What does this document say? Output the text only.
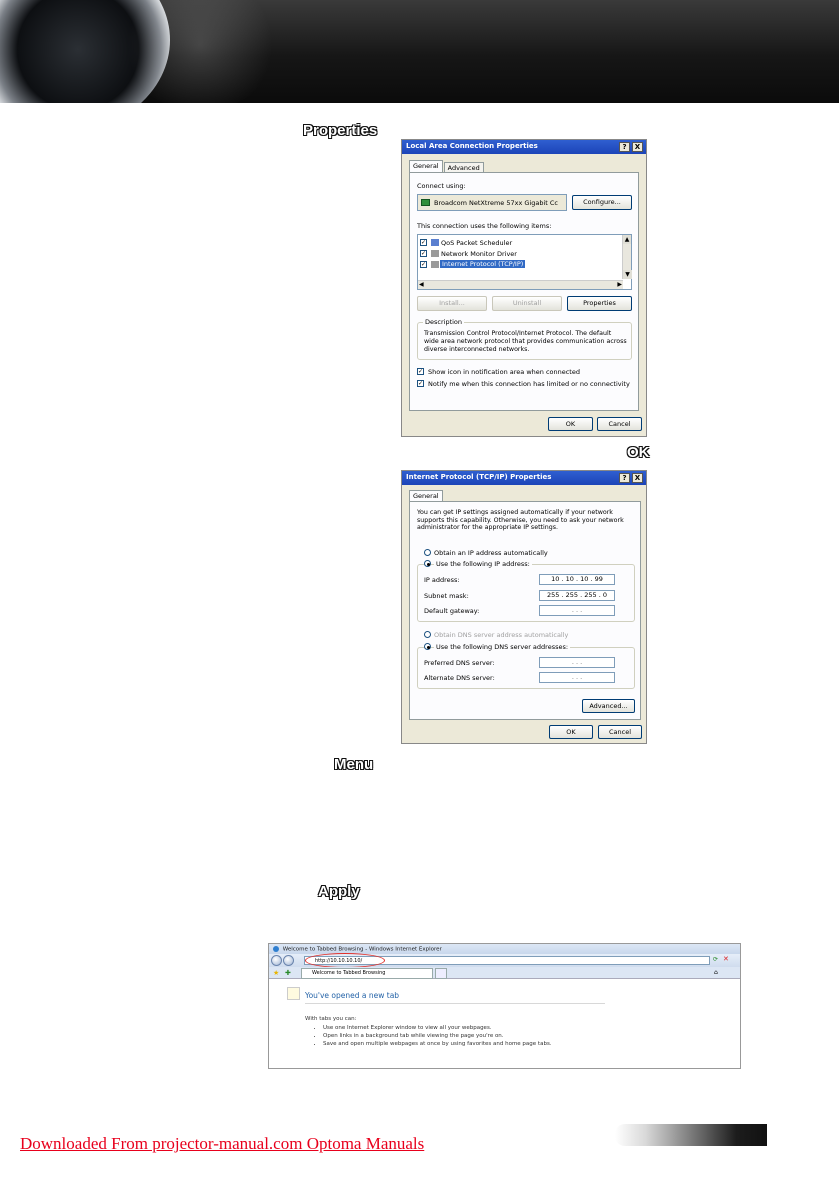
Properties
Local Area Connection Properties	?	X
General	Advanced
Connect using:
Broadcom NetXtreme 57xx Gigabit Cc	Configure...
This connection uses the following items:
✓ QoS Packet Scheduler
✓ Network Monitor Driver
✓	Internet Protocol (TCP/IP)
▲
▼
◀	▶
Install...	Uninstall	Properties
Description
Transmission Control Protocol/Internet Protocol. The default wide area network protocol that provides communication across diverse interconnected networks.
✓ Show icon in notification area when connected
✓ Notify me when this connection has limited or no connectivity
OK	Cancel
OK
Internet Protocol (TCP/IP) Properties	?	X
General
You can get IP settings assigned automatically if your network supports this capability. Otherwise, you need to ask your network administrator for the appropriate IP settings.
Obtain an IP address automatically
Use the following IP address:
IP address:	10 . 10 . 10 . 99
Subnet mask:	255 . 255 . 255 . 0
Default gateway:	. . .
Obtain DNS server address automatically
Use the following DNS server addresses:
Preferred DNS server:	. . .
Alternate DNS server:	. . .
Advanced...
OK	Cancel
Menu
Apply
Welcome to Tabbed Browsing - Windows Internet Explorer
http://10.10.10.10/	⟳ ✕
★ ✚	Welcome to Tabbed Browsing	⌂
You've opened a new tab
With tabs you can:
• Use one Internet Explorer window to view all your webpages.
• Open links in a background tab while viewing the page you're on.
• Save and open multiple webpages at once by using favorites and home page tabs.
Downloaded From projector-manual.com Optoma Manuals
